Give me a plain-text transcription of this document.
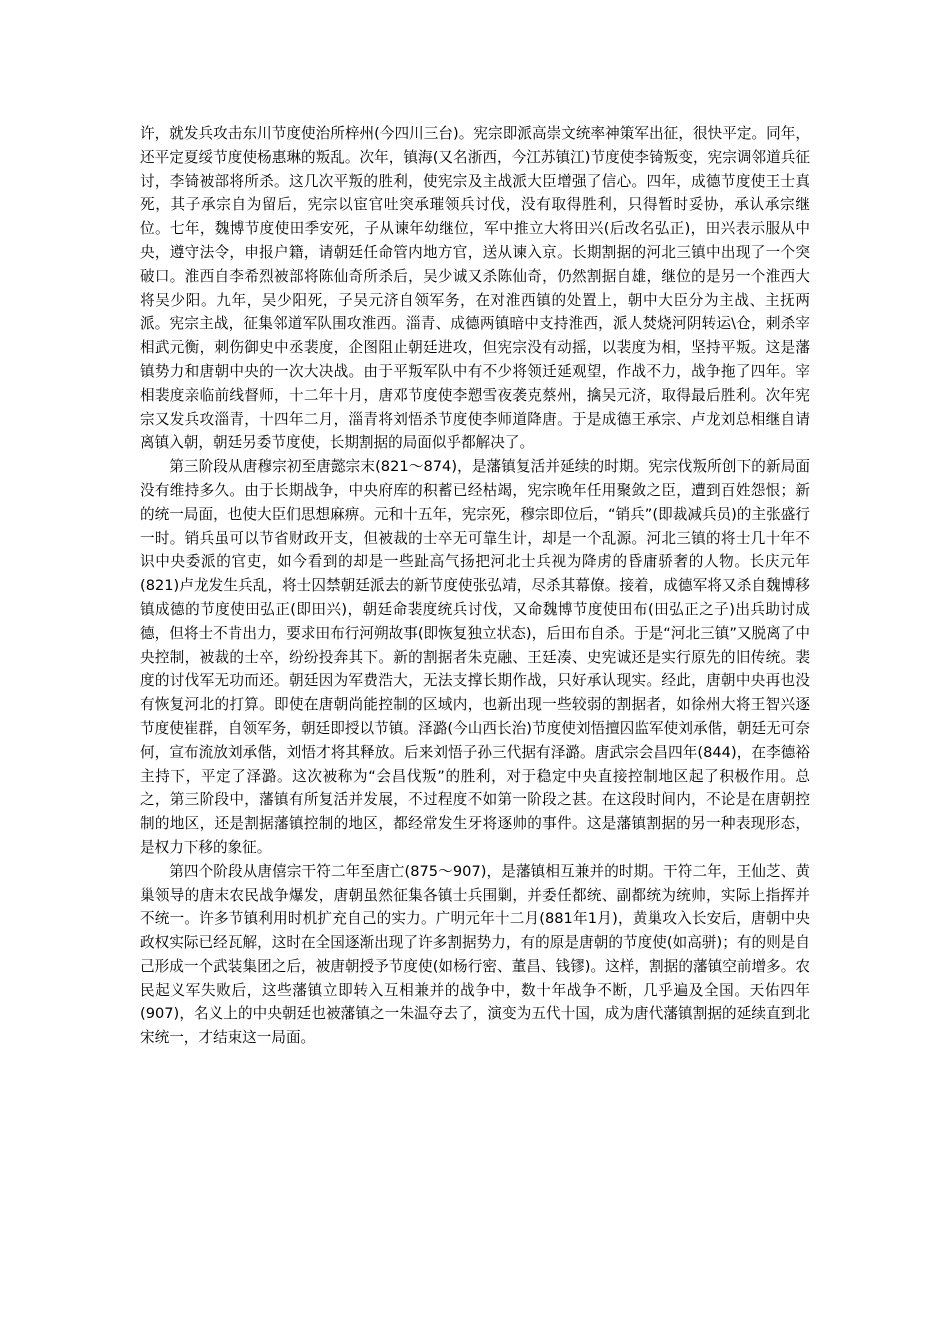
许，就发兵攻击东川节度使治所梓州(今四川三台)。宪宗即派高崇文统率神策军出征，很快平定。同年，还平定夏绥节度使杨惠琳的叛乱。次年，镇海(又名浙西，今江苏镇江)节度使李锜叛变，宪宗调邻道兵征讨，李锜被部将所杀。这几次平叛的胜利，使宪宗及主战派大臣增强了信心。四年，成德节度使王士真死，其子承宗自为留后，宪宗以宦官吐突承璀领兵讨伐，没有取得胜利，只得暂时妥协，承认承宗继位。七年，魏博节度使田季安死，子从谏年幼继位，军中推立大将田兴(后改名弘正)，田兴表示服从中央，遵守法令，申报户籍，请朝廷任命管内地方官，送从谏入京。长期割据的河北三镇中出现了一个突破口。淮西自李希烈被部将陈仙奇所杀后，吴少诚又杀陈仙奇，仍然割据自雄，继位的是另一个淮西大将吴少阳。九年，吴少阳死，子吴元济自领军务，在对淮西镇的处置上，朝中大臣分为主战、主抚两派。宪宗主战，征集邻道军队围攻淮西。淄青、成德两镇暗中支持淮西，派人焚烧河阴转运\仓，刺杀宰相武元衡，刺伤御史中丞裴度，企图阻止朝廷进攻，但宪宗没有动摇，以裴度为相，坚持平叛。这是藩镇势力和唐朝中央的一次大决战。由于平叛军队中有不少将领迁延观望，作战不力，战争拖了四年。宰相裴度亲临前线督师，十二年十月，唐邓节度使李愬雪夜袭克蔡州，擒吴元济，取得最后胜利。次年宪宗又发兵攻淄青，十四年二月，淄青将刘悟杀节度使李师道降唐。于是成德王承宗、卢龙刘总相继自请离镇入朝，朝廷另委节度使，长期割据的局面似乎都解决了。

第三阶段从唐穆宗初至唐懿宗末(821～874)，是藩镇复活并延续的时期。宪宗伐叛所创下的新局面没有维持多久。由于长期战争，中央府库的积蓄已经枯竭，宪宗晚年任用聚敛之臣，遭到百姓怨恨；新的统一局面，也使大臣们思想麻痹。元和十五年，宪宗死，穆宗即位后，“销兵”(即裁减兵员)的主张盛行一时。销兵虽可以节省财政开支，但被裁的士卒无可靠生计，却是一个乱源。河北三镇的将士几十年不识中央委派的官吏，如今看到的却是一些趾高气扬把河北士兵视为降虏的昏庸骄奢的人物。长庆元年(821)卢龙发生兵乱，将士囚禁朝廷派去的新节度使张弘靖，尽杀其幕僚。接着，成德军将又杀自魏博移镇成德的节度使田弘正(即田兴)，朝廷命裴度统兵讨伐，又命魏博节度使田布(田弘正之子)出兵助讨成德，但将士不肯出力，要求田布行河朔故事(即恢复独立状态)，后田布自杀。于是“河北三镇”又脱离了中央控制，被裁的士卒，纷纷投奔其下。新的割据者朱克融、王廷凑、史宪诚还是实行原先的旧传统。裴度的讨伐军无功而还。朝廷因为军费浩大，无法支撑长期作战，只好承认现实。经此，唐朝中央再也没有恢复河北的打算。即使在唐朝尚能控制的区域内，也新出现一些较弱的割据者，如徐州大将王智兴逐节度使崔群，自领军务，朝廷即授以节镇。泽潞(今山西长治)节度使刘悟擅囚监军使刘承偕，朝廷无可奈何，宣布流放刘承偕，刘悟才将其释放。后来刘悟子孙三代据有泽潞。唐武宗会昌四年(844)，在李德裕主持下，平定了泽潞。这次被称为“会昌伐叛”的胜利，对于稳定中央直接控制地区起了积极作用。总之，第三阶段中，藩镇有所复活并发展，不过程度不如第一阶段之甚。在这段时间内，不论是在唐朝控制的地区，还是割据藩镇控制的地区，都经常发生牙将逐帅的事件。这是藩镇割据的另一种表现形态，是权力下移的象征。

第四个阶段从唐僖宗干符二年至唐亡(875～907)，是藩镇相互兼并的时期。干符二年，王仙芝、黄巢领导的唐末农民战争爆发，唐朝虽然征集各镇士兵围剿，并委任都统、副都统为统帅，实际上指挥并不统一。许多节镇利用时机扩充自己的实力。广明元年十二月(881年1月)，黄巢攻入长安后，唐朝中央政权实际已经瓦解，这时在全国逐渐出现了许多割据势力，有的原是唐朝的节度使(如高骈)；有的则是自己形成一个武装集团之后，被唐朝授予节度使(如杨行密、董昌、钱镠)。这样，割据的藩镇空前增多。农民起义军失败后，这些藩镇立即转入互相兼并的战争中，数十年战争不断，几乎遍及全国。天佑四年(907)，名义上的中央朝廷也被藩镇之一朱温夺去了，演变为五代十国，成为唐代藩镇割据的延续直到北宋统一，才结束这一局面。
